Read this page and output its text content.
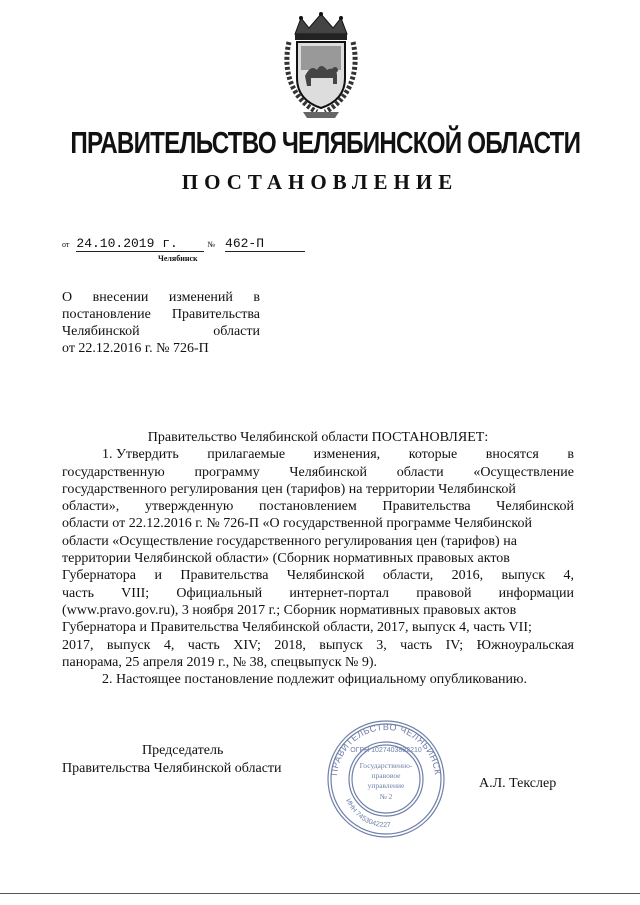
ПРАВИТЕЛЬСТВО ЧЕЛЯБИНСКОЙ ОБЛАСТИ
ПОСТАНОВЛЕНИЕ
от 24.10.2019 г.	№ 462-П
Челябинск
О внесении изменений в
постановление Правительства
Челябинской	области
от 22.12.2016 г. № 726-П
Правительство Челябинской области ПОСТАНОВЛЯЕТ:
1. Утвердить прилагаемые изменения, которые вносятся в
государственную программу Челябинской области «Осуществление
государственного регулирования цен (тарифов) на территории Челябинской
области», утвержденную постановлением Правительства Челябинской
области от 22.12.2016 г. № 726-П «О государственной программе Челябинской
области «Осуществление государственного регулирования цен (тарифов) на
территории Челябинской области» (Сборник нормативных правовых актов
Губернатора и Правительства Челябинской области, 2016, выпуск 4,
часть VIII; Официальный интернет-портал правовой информации
(www.pravo.gov.ru), 3 ноября 2017 г.; Сборник нормативных правовых актов
Губернатора и Правительства Челябинской области, 2017, выпуск 4, часть VII;
2017, выпуск 4, часть XIV; 2018, выпуск 3, часть IV; Южноуральская
панорама, 25 апреля 2019 г., № 38, спецвыпуск № 9).
2. Настоящее постановление подлежит официальному опубликованию.
ПРАВИТЕЛЬСТВО ЧЕЛЯБИНСК
ИНН 7453042227
ОГРН 1027403882210
Государственно-
правовое
управление
№ 2
Председатель
Правительства Челябинской области
А.Л. Текслер
